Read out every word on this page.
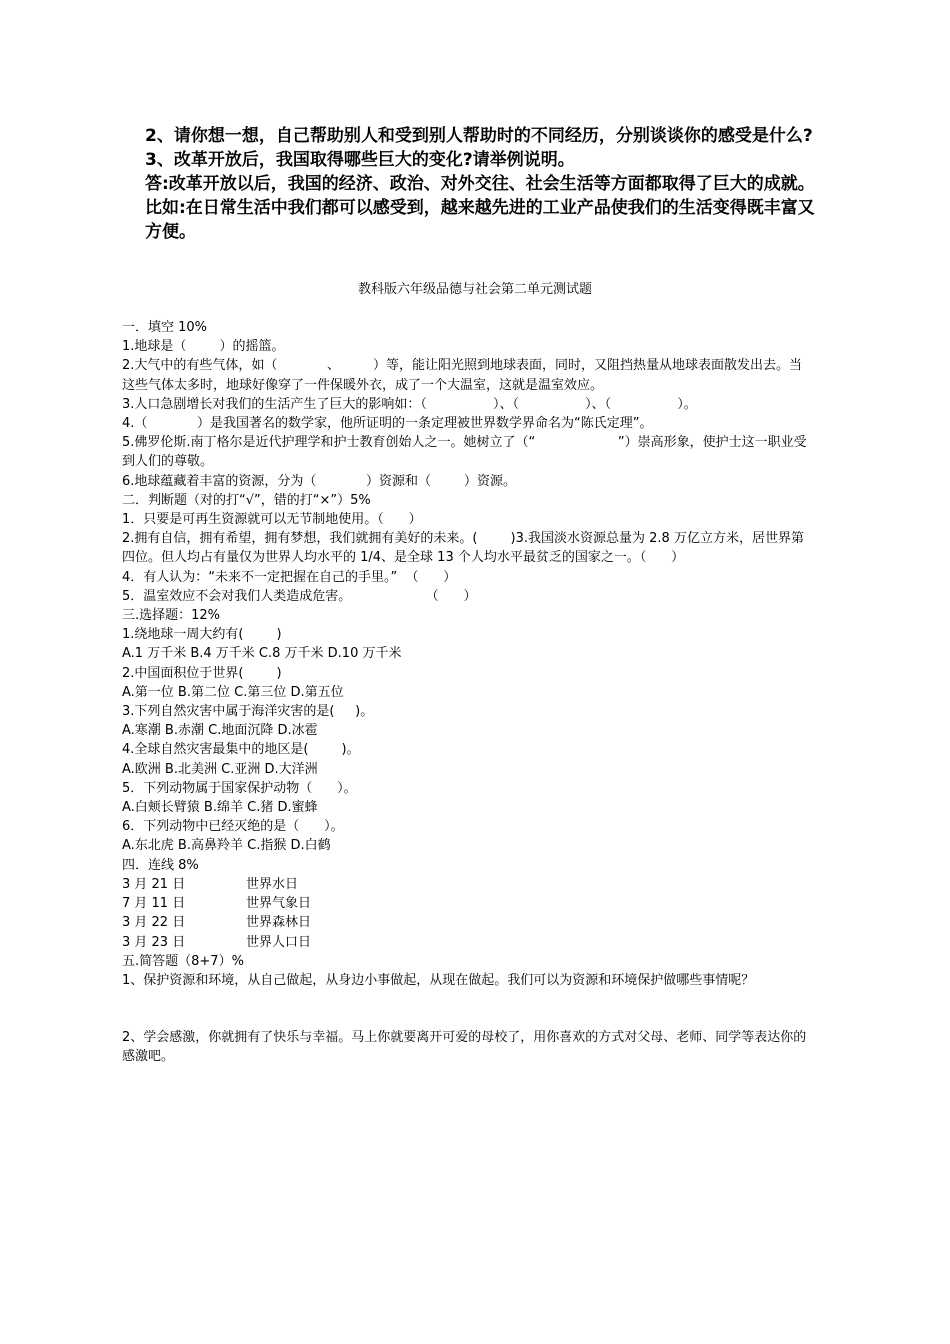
2、请你想一想，自己帮助别人和受到别人帮助时的不同经历，分别谈谈你的感受是什么?3、改革开放后，我国取得哪些巨大的变化?请举例说明。

答:改革开放以后，我国的经济、政治、对外交往、社会生活等方面都取得了巨大的成就。比如:在日常生活中我们都可以感受到，越来越先进的工业产品使我们的生活变得既丰富又方便。

教科版六年级品德与社会第二单元测试题

一．填空 10%

1.地球是（        ）的摇篮。

2.大气中的有些气体，如（            、        ）等，能让阳光照到地球表面，同时，又阻挡热量从地球表面散发出去。当这些气体太多时，地球好像穿了一件保暖外衣，成了一个大温室，这就是温室效应。

3.人口急剧增长对我们的生活产生了巨大的影响如：（                ）、（                ）、（                ）。

4.（            ）是我国著名的数学家，他所证明的一条定理被世界数学界命名为“陈氏定理”。

5.佛罗伦斯.南丁格尔是近代护理学和护士教育创始人之一。她树立了（“                    ”）崇高形象，使护士这一职业受到人们的尊敬。

6.地球蕴藏着丰富的资源，分为（            ）资源和（        ）资源。

二．判断题（对的打“√”，错的打“×”）5%

1．只要是可再生资源就可以无节制地使用。（      ）

2.拥有自信，拥有希望，拥有梦想，我们就拥有美好的未来。(        )3.我国淡水资源总量为 2.8 万亿立方米，居世界第四位。但人均占有量仅为世界人均水平的 1/4、是全球 13 个人均水平最贫乏的国家之一。（      ）

4．有人认为：“未来不一定把握在自己的手里。”  （      ）

5．温室效应不会对我们人类造成危害。                  （      ）

三.选择题：12%

1.绕地球一周大约有(        )

A.1 万千米 B.4 万千米 C.8 万千米 D.10 万千米

2.中国面积位于世界(        )

A.第一位 B.第二位 C.第三位 D.第五位

3.下列自然灾害中属于海洋灾害的是(     )。

A.寒潮 B.赤潮 C.地面沉降 D.冰雹

4.全球自然灾害最集中的地区是(        )。

A.欧洲 B.北美洲 C.亚洲 D.大洋洲

5．下列动物属于国家保护动物（      ）。

A.白颊长臂猿 B.绵羊 C.猪 D.蜜蜂

6．下列动物中已经灭绝的是（      ）。

A.东北虎 B.高鼻羚羊 C.指猴 D.白鹤

四．连线 8%

3 月 21 日	世界水日
7 月 11 日	世界气象日
3 月 22 日	世界森林日
3 月 23 日	世界人口日

五.简答题（8+7）%

1、保护资源和环境，从自己做起，从身边小事做起，从现在做起。我们可以为资源和环境保护做哪些事情呢？

2、学会感激，你就拥有了快乐与幸福。马上你就要离开可爱的母校了，用你喜欢的方式对父母、老师、同学等表达你的感激吧。
